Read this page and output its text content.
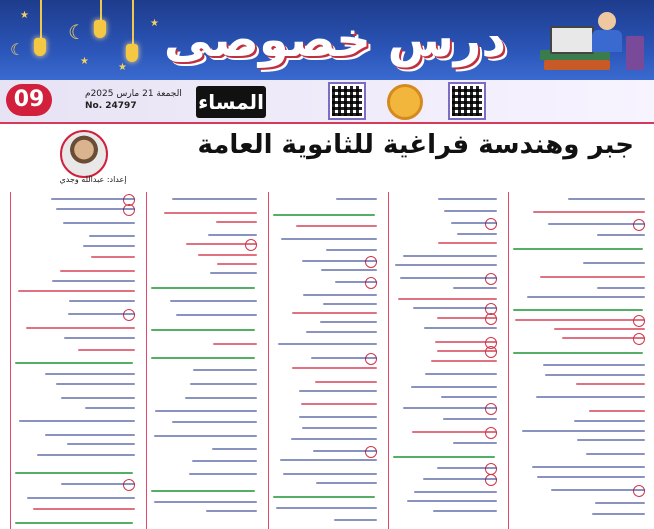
☾
☾
★
★
★
★ درس خصوصى
09	الجمعة 21 مارس 2025م
No. 24797	المساء
جبر وهندسة فراغية للثانوية العامة
إعداد: عبدالله وجدي
